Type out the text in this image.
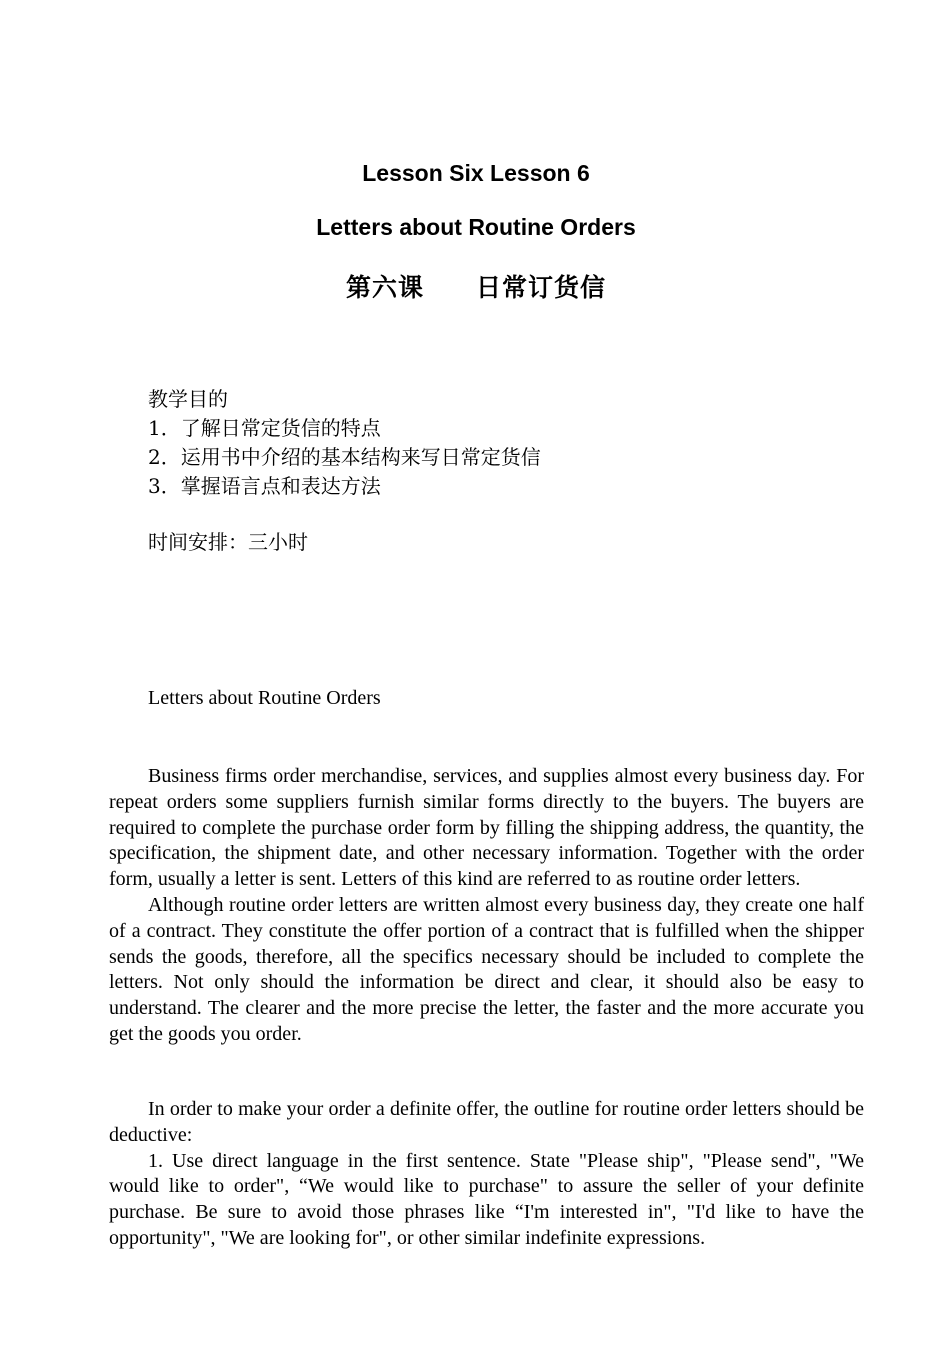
Lesson Six Lesson 6
Letters about Routine Orders
第六课 日常订货信
教学目的
1．了解日常定货信的特点
2．运用书中介绍的基本结构来写日常定货信
3．掌握语言点和表达方法
时间安排：三小时
Letters about Routine Orders

Business firms order merchandise, services, and supplies almost every business day. For repeat orders some suppliers furnish similar forms directly to the buyers. The buyers are required to complete the purchase order form by filling the shipping address, the quantity, the specification, the shipment date, and other necessary information. Together with the order form, usually a letter is sent. Letters of this kind are referred to as routine order letters.

Although routine order letters are written almost every business day, they create one half of a contract. They constitute the offer portion of a contract that is fulfilled when the shipper sends the goods, therefore, all the specifics necessary should be included to complete the letters. Not only should the information be direct and clear, it should also be easy to understand. The clearer and the more precise the letter, the faster and the more accurate you get the goods you order.

In order to make your order a definite offer, the outline for routine order letters should be deductive:

1. Use direct language in the first sentence. State "Please ship", "Please send", "We would like to order", “We would like to purchase" to assure the seller of your definite purchase. Be sure to avoid those phrases like “I'm interested in", "I'd like to have the opportunity", "We are looking for", or other similar indefinite expressions.
